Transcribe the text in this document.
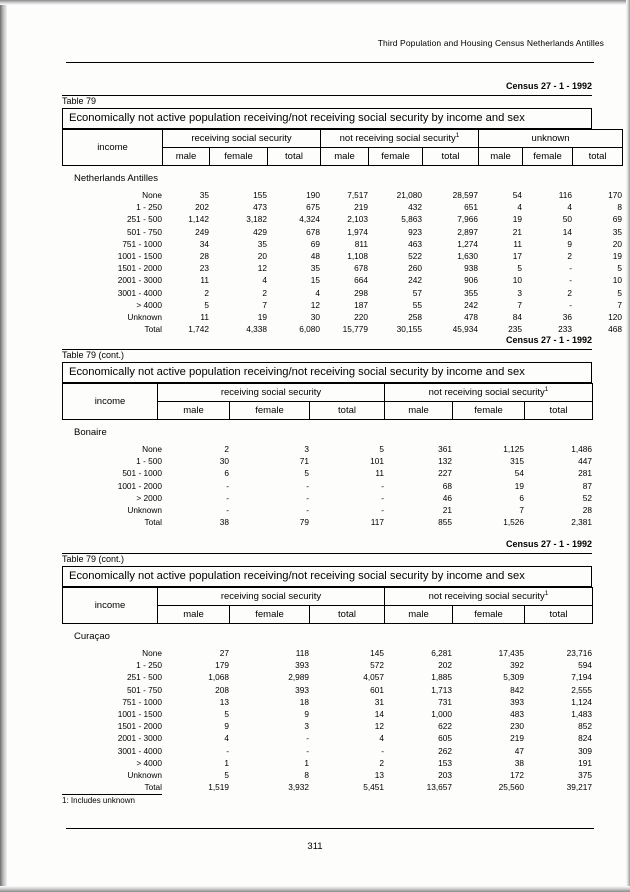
Third Population and Housing Census Netherlands Antilles
Census 27 - 1 - 1992
Table 79
Economically not active population receiving/not receiving social security by income and sex
income	receiving social security			not receiving social security$^1$			unknown		
	male	female	total	male	female	total	male	female	total
Netherlands Antilles
None	35	155	190	7,517	21,080	28,597	54	116	170
1 - 250	202	473	675	219	432	651	4	4	8
251 - 500	1,142	3,182	4,324	2,103	5,863	7,966	19	50	69
501 - 750	249	429	678	1,974	923	2,897	21	14	35
751 - 1000	34	35	69	811	463	1,274	11	9	20
1001 - 1500	28	20	48	1,108	522	1,630	17	2	19
1501 - 2000	23	12	35	678	260	938	5	-	5
2001 - 3000	11	4	15	664	242	906	10	-	10
3001 - 4000	2	2	4	298	57	355	3	2	5
> 4000	5	7	12	187	55	242	7	-	7
Unknown	11	19	30	220	258	478	84	36	120
Total	1,742	4,338	6,080	15,779	30,155	45,934	235	233	468
Census 27 - 1 - 1992
Table 79 (cont.)
Economically not active population receiving/not receiving social security by income and sex
income	receiving social security			not receiving social security$^1$
	male	female	total	male	female	total
Bonaire
None	2	3	5	361	1,125	1,486
1 - 500	30	71	101	132	315	447
501 - 1000	6	5	11	227	54	281
1001 - 2000	-	-	-	68	19	87
> 2000	-	-	-	46	6	52
Unknown	-	-	-	21	7	28
Total	38	79	117	855	1,526	2,381
Census 27 - 1 - 1992
Table 79 (cont.)
Economically not active population receiving/not receiving social security by income and sex
income	receiving social security			not receiving social security$^1$
	male	female	total	male	female	total
Curaçao
None	27	118	145	6,281	17,435	23,716
1 - 250	179	393	572	202	392	594
251 - 500	1,068	2,989	4,057	1,885	5,309	7,194
501 - 750	208	393	601	1,713	842	2,555
751 - 1000	13	18	31	731	393	1,124
1001 - 1500	5	9	14	1,000	483	1,483
1501 - 2000	9	3	12	622	230	852
2001 - 3000	4	-	4	605	219	824
3001 - 4000	-	-	-	262	47	309
> 4000	1	1	2	153	38	191
Unknown	5	8	13	203	172	375
Total	1,519	3,932	5,451	13,657	25,560	39,217
1: Includes unknown
311
